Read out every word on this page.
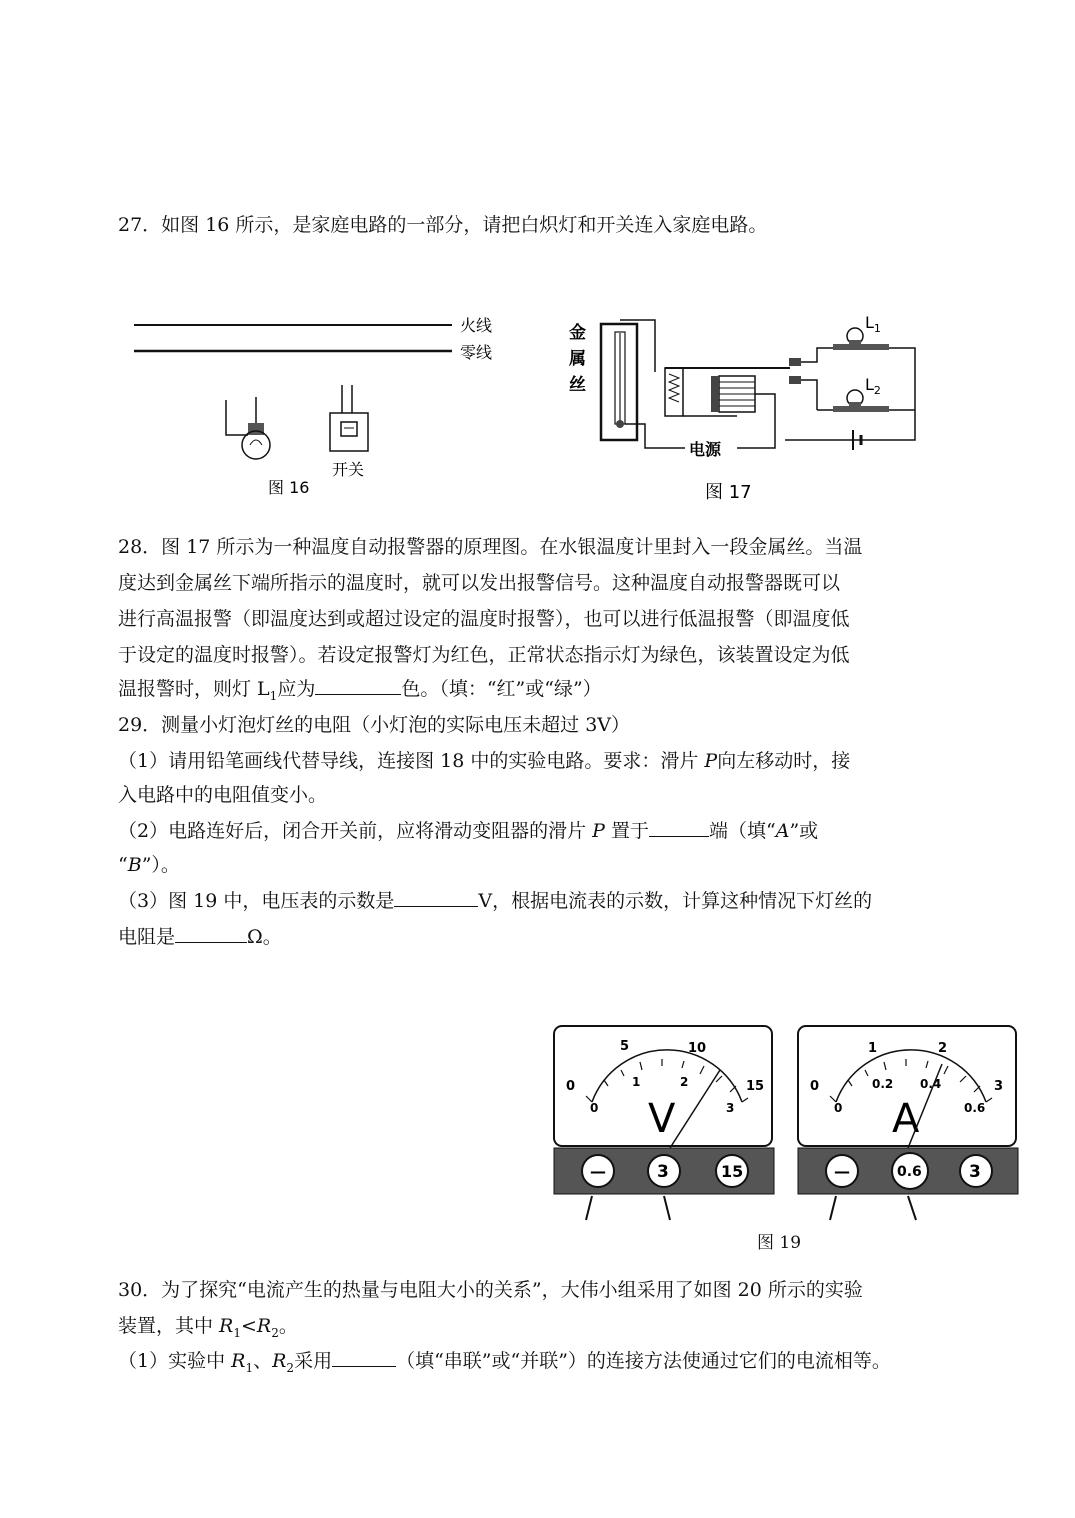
27．如图 16 所示，是家庭电路的一部分，请把白炽灯和开关连入家庭电路。
火线
零线
开关
图 16
金
属
丝
电源
$L_1$
$L_2$
图 17
28．图 17 所示为一种温度自动报警器的原理图。在水银温度计里封入一段金属丝。当温
度达到金属丝下端所指示的温度时，就可以发出报警信号。这种温度自动报警器既可以
进行高温报警（即温度达到或超过设定的温度时报警），也可以进行低温报警（即温度低
于设定的温度时报警）。若设定报警灯为红色，正常状态指示灯为绿色，该装置设定为低
温报警时，则灯 $L_1$应为	色。（填：“红”或“绿”）
29．测量小灯泡灯丝的电阻（小灯泡的实际电压未超过 3V）
（1）请用铅笔画线代替导线，连接图 18 中的实验电路。要求：滑片 P向左移动时，接
入电路中的电阻值变小。
（2）电路连好后，闭合开关前，应将滑动变阻器的滑片 P 置于	端（填“A”或
“B”）。
（3）图 19 中，电压表的示数是	V，根据电流表的示数，计算这种情况下灯丝的
电阻是	Ω。
0
5	10
15
0
1	2
3
V
—	3	15
0
1	2
3
0
0.2 0.4
0.6
A
—	0.6	3
图 19
30．为了探究“电流产生的热量与电阻大小的关系”，大伟小组采用了如图 20 所示的实验
装置，其中 $R_1<R_2$。
（1）实验中 $R_1$、$R_2$采用	（填“串联”或“并联”）的连接方法使通过它们的电流相等。
